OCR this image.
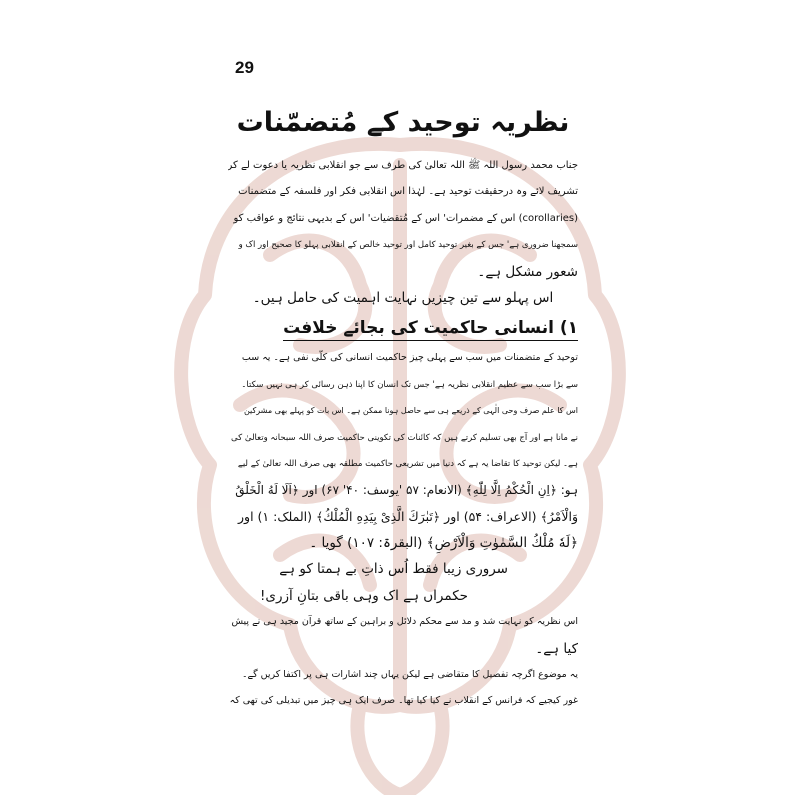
29
نظریہ توحید کے مُتضمّنات
جناب محمد رسول اللہ ﷺ اللہ تعالیٰ کی طرف سے جو انقلابی نظریہ یا دعوت لے کر
تشریف لائے وہ درحقیقت توحید ہے۔ لہٰذا اس انقلابی فکر اور فلسفہ کے متضمنات
(corollaries) اس کے مضمرات' اس کے مُتقضیات' اس کے بدیہی نتائج و عواقب کو
سمجھنا ضروری ہے' جس کے بغیر توحید کامل اور توحید خالص کے انقلابی پہلو کا صحیح اور اک و
شعور مشکل ہے۔
اس پہلو سے تین چیزیں نہایت اہمیت کی حامل ہیں۔
۱) انسانی حاکمیت کی بجائے خلافت
توحید کے متضمنات میں سب سے پہلی چیز حاکمیت انسانی کی کلّی نفی ہے۔ یہ سب
سے بڑا سب سے عظیم انقلابی نظریہ ہے' جس تک انسان کا اپنا ذہن رسائی کر ہی نہیں سکتا۔
اس کا علم صرف وحی الٰہی کے ذریعے ہی سے حاصل ہونا ممکن ہے۔ اس بات کو پہلے بھی مشرکین
نے مانا ہے اور آج بھی تسلیم کرتے ہیں کہ کائنات کی تکوینی حاکمیت صرف اللہ سبحانہ وتعالیٰ کی
ہے۔ لیکن توحید کا تقاضا یہ ہے کہ دنیا میں تشریعی حاکمیت مطلقہ بھی صرف اللہ تعالیٰ کے لیے
ہو: ﴿اِنِ الْحُكْمُ اِلَّا لِلّٰهِ﴾ (الانعام: ۵۷ 'یوسف: ۴۰' ۶۷) اور ﴿اَلَا لَهُ الْخَلْقُ
وَالْاَمْرُ﴾ (الاعراف: ۵۴) اور ﴿تَبٰرَكَ الَّذِىْ بِيَدِهِ الْمُلْكُ﴾ (الملک: ۱) اور
﴿لَهٗ مُلْكُ السَّمٰوٰتِ وَالْاَرْضِ﴾ (البقرۃ: ۱۰۷) گویا ۔
سروری زیبا فقط اُس ذاتِ بے ہمتا کو ہے
حکمراں ہے اک وہی باقی بتانِ آزری!
اس نظریہ کو نہایت شد و مد سے محکم دلائل و براہین کے ساتھ قرآن مجید ہی نے پیش
کیا ہے۔
یہ موضوع اگرچہ تفصیل کا متقاضی ہے لیکن یہاں چند اشارات ہی پر اکتفا کریں گے۔
غور کیجیے کہ فرانس کے انقلاب نے کیا کیا تھا۔ صرف ایک ہی چیز میں تبدیلی کی تھی کہ
